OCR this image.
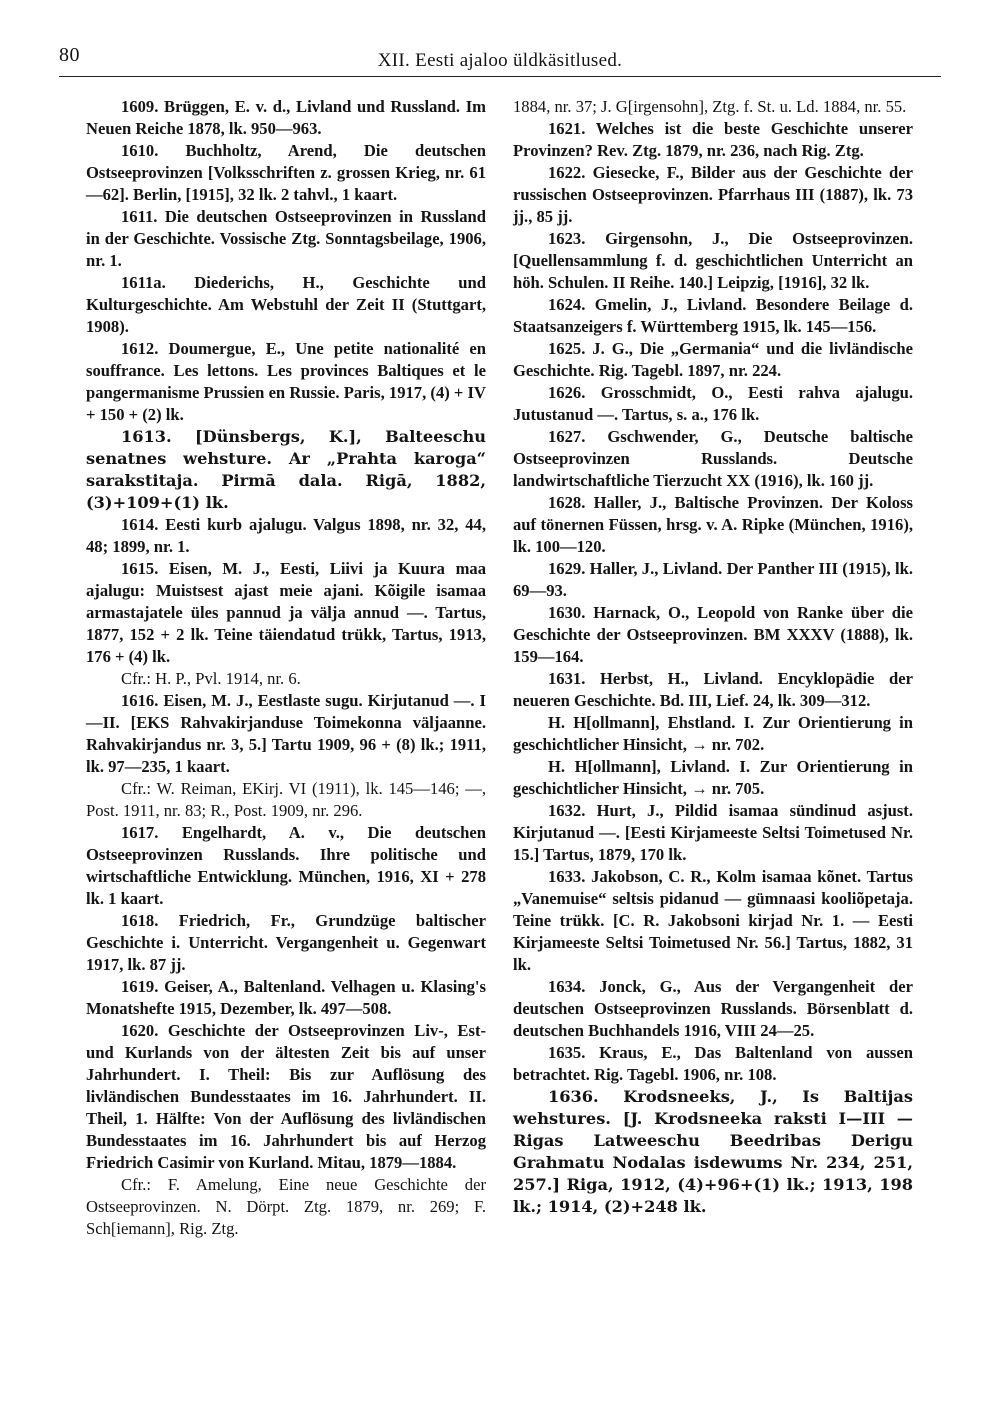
80	XII. Eesti ajaloo üldkäsitlused.

1609. Brüggen, E. v. d., Livland und Russland. Im Neuen Reiche 1878, lk. 950—963.

1610. Buchholtz, Arend, Die deutschen Ostseeprovinzen [Volksschriften z. grossen Krieg, nr. 61—62]. Berlin, [1915], 32 lk. 2 tahvl., 1 kaart.

1611. Die deutschen Ostseeprovinzen in Russland in der Geschichte. Vossische Ztg. Sonntagsbeilage, 1906, nr. 1.

1611a. Diederichs, H., Geschichte und Kulturgeschichte. Am Webstuhl der Zeit II (Stuttgart, 1908).

1612. Doumergue, E., Une petite nationalité en souffrance. Les lettons. Les provinces Baltiques et le pangermanisme Prussien en Russie. Paris, 1917, (4) + IV + 150 + (2) lk.

1613. [Dünsbergs, K.], Balteeschu senatnes wehsture. Ar „Prahta karoga“ sarakstitaja. Pirmā dala. Rigā, 1882, (3)+109+(1) lk.

1614. Eesti kurb ajalugu. Valgus 1898, nr. 32, 44, 48; 1899, nr. 1.

1615. Eisen, M. J., Eesti, Liivi ja Kuura maa ajalugu: Muistsest ajast meie ajani. Kõigile isamaa armastajatele üles pannud ja välja annud —. Tartus, 1877, 152 + 2 lk. Teine täiendatud trükk, Tartus, 1913, 176 + (4) lk.

Cfr.: H. P., Pvl. 1914, nr. 6.

1616. Eisen, M. J., Eestlaste sugu. Kirjutanud —. I—II. [EKS Rahvakirjanduse Toimekonna väljaanne. Rahvakirjandus nr. 3, 5.] Tartu 1909, 96 + (8) lk.; 1911, lk. 97—235, 1 kaart.

Cfr.: W. Reiman, EKirj. VI (1911), lk. 145—146; —, Post. 1911, nr. 83; R., Post. 1909, nr. 296.

1617. Engelhardt, A. v., Die deutschen Ostseeprovinzen Russlands. Ihre politische und wirtschaftliche Entwicklung. München, 1916, XI + 278 lk. 1 kaart.

1618. Friedrich, Fr., Grundzüge baltischer Geschichte i. Unterricht. Vergangenheit u. Gegenwart 1917, lk. 87 jj.

1619. Geiser, A., Baltenland. Velhagen u. Klasing's Monatshefte 1915, Dezember, lk. 497—508.

1620. Geschichte der Ostseeprovinzen Liv-, Est- und Kurlands von der ältesten Zeit bis auf unser Jahrhundert. I. Theil: Bis zur Auflösung des livländischen Bundesstaates im 16. Jahrhundert. II. Theil, 1. Hälfte: Von der Auflösung des livländischen Bundesstaates im 16. Jahrhundert bis auf Herzog Friedrich Casimir von Kurland. Mitau, 1879—1884.

Cfr.: F. Amelung, Eine neue Geschichte der Ostseeprovinzen. N. Dörpt. Ztg. 1879, nr. 269; F. Sch[iemann], Rig. Ztg.

1884, nr. 37; J. G[irgensohn], Ztg. f. St. u. Ld. 1884, nr. 55.

1621. Welches ist die beste Geschichte unserer Provinzen? Rev. Ztg. 1879, nr. 236, nach Rig. Ztg.

1622. Giesecke, F., Bilder aus der Geschichte der russischen Ostseeprovinzen. Pfarrhaus III (1887), lk. 73 jj., 85 jj.

1623. Girgensohn, J., Die Ostseeprovinzen. [Quellensammlung f. d. geschichtlichen Unterricht an höh. Schulen. II Reihe. 140.] Leipzig, [1916], 32 lk.

1624. Gmelin, J., Livland. Besondere Beilage d. Staatsanzeigers f. Württemberg 1915, lk. 145—156.

1625. J. G., Die „Germania“ und die livländische Geschichte. Rig. Tagebl. 1897, nr. 224.

1626. Grosschmidt, O., Eesti rahva ajalugu. Jutustanud —. Tartus, s. a., 176 lk.

1627. Gschwender, G., Deutsche baltische Ostseeprovinzen Russlands. Deutsche landwirtschaftliche Tierzucht XX (1916), lk. 160 jj.

1628. Haller, J., Baltische Provinzen. Der Koloss auf tönernen Füssen, hrsg. v. A. Ripke (München, 1916), lk. 100—120.

1629. Haller, J., Livland. Der Panther III (1915), lk. 69—93.

1630. Harnack, O., Leopold von Ranke über die Geschichte der Ostseeprovinzen. BM XXXV (1888), lk. 159—164.

1631. Herbst, H., Livland. Encyklopädie der neueren Geschichte. Bd. III, Lief. 24, lk. 309—312.

H. H[ollmann], Ehstland. I. Zur Orientierung in geschichtlicher Hinsicht, → nr. 702.

H. H[ollmann], Livland. I. Zur Orientierung in geschichtlicher Hinsicht, → nr. 705.

1632. Hurt, J., Pildid isamaa sündinud asjust. Kirjutanud —. [Eesti Kirjameeste Seltsi Toimetused Nr. 15.] Tartus, 1879, 170 lk.

1633. Jakobson, C. R., Kolm isamaa kõnet. Tartus „Vanemuise“ seltsis pidanud — gümnaasi kooliõpetaja. Teine trükk. [C. R. Jakobsoni kirjad Nr. 1. — Eesti Kirjameeste Seltsi Toimetused Nr. 56.] Tartus, 1882, 31 lk.

1634. Jonck, G., Aus der Vergangenheit der deutschen Ostseeprovinzen Russlands. Börsenblatt d. deutschen Buchhandels 1916, VIII 24—25.

1635. Kraus, E., Das Baltenland von aussen betrachtet. Rig. Tagebl. 1906, nr. 108.

1636. Krodsneeks, J., Is Baltijas wehstures. [J. Krodsneeka raksti I—III — Rigas Latweeschu Beedribas Derigu Grahmatu Nodalas isdewums Nr. 234, 251, 257.] Riga, 1912, (4)+96+(1) lk.; 1913, 198 lk.; 1914, (2)+248 lk.
